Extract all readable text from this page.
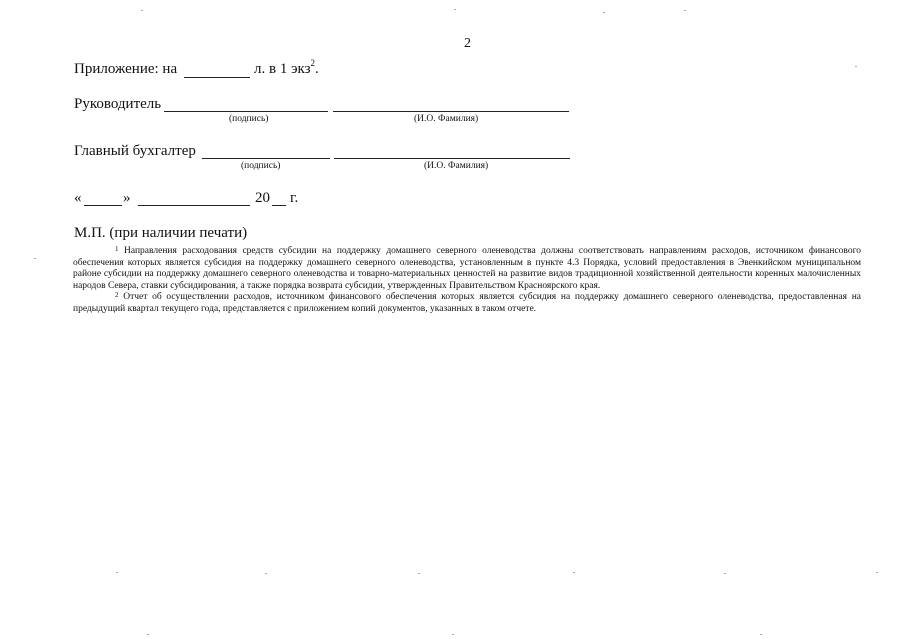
2
Приложение: на	л. в 1 экз$^2$.
Руководитель
(подпись)	(И.О. Фамилия)
Главный бухгалтер
(подпись)	(И.О. Фамилия)
«	»	20 г.
М.П. (при наличии печати)

$^1$ Направления расходования средств субсидии на поддержку домашнего северного оленеводства должны соответствовать направлениям расходов, источником финансового обеспечения которых является субсидия на поддержку домашнего северного оленеводства, установленным в пункте 4.3 Порядка, условий предоставления в Эвенкийском муниципальном районе субсидии на поддержку домашнего северного оленеводства и товарно-материальных ценностей на развитие видов традиционной хозяйственной деятельности коренных малочисленных народов Севера, ставки субсидирования, а также порядка возврата субсидии, утвержденных Правительством Красноярского края.

$^2$ Отчет об осуществлении расходов, источником финансового обеспечения которых является субсидия на поддержку домашнего северного оленеводства, предоставленная на предыдущий квартал текущего года, представляется с приложением копий документов, указанных в таком отчете.
